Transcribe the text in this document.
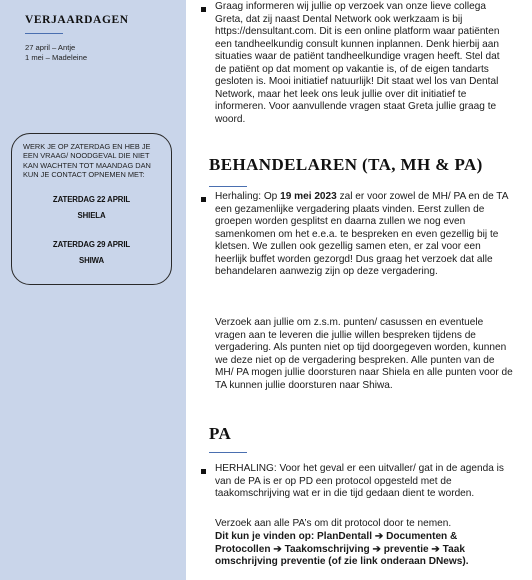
VERJAARDAGEN
27 april – Antje
1 mei – Madeleine
WERK JE OP ZATERDAG EN HEB JE EEN VRAAG/ NOODGEVAL DIE NIET KAN WACHTEN TOT MAANDAG DAN KUN JE CONTACT OPNEMEN MET:
ZATERDAG 22 APRIL
SHIELA
ZATERDAG 29 APRIL
SHIWA

Graag informeren wij jullie op verzoek van onze lieve collega Greta, dat zij naast Dental Network ook werkzaam is bij https://densultant.com. Dit is een online platform waar patiënten een tandheelkundig consult kunnen inplannen. Denk hierbij aan situaties waar de patiënt tandheelkundige vragen heeft. Stel dat de patiënt op dat moment op vakantie is, of de eigen tandarts gesloten is. Mooi initiatief natuurlijk! Dit staat wel los van Dental Network, maar het leek ons leuk jullie over dit initiatief te informeren. Voor aanvullende vragen staat Greta jullie graag te woord.

BEHANDELAREN (TA, MH & PA)

Herhaling: Op 19 mei 2023 zal er voor zowel de MH/ PA en de TA een gezamenlijke vergadering plaats vinden. Eerst zullen de groepen worden gesplitst en daarna zullen we nog even samenkomen om het e.e.a. te bespreken en even gezellig bij te kletsen. We zullen ook gezellig samen eten, er zal voor een heerlijk buffet worden gezorgd! Dus graag het verzoek dat alle behandelaren aanwezig zijn op deze vergadering.

Verzoek aan jullie om z.s.m. punten/ casussen en eventuele vragen aan te leveren die jullie willen bespreken tijdens de vergadering. Als punten niet op tijd doorgegeven worden, kunnen we deze niet op de vergadering bespreken. Alle punten van de MH/ PA mogen jullie doorsturen naar Shiela en alle punten voor de TA kunnen jullie doorsturen naar Shiwa.

PA

HERHALING: Voor het geval er een uitvaller/ gat in de agenda is van de PA is er op PD een protocol opgesteld met de taakomschrijving wat er in die tijd gedaan dient te worden.

Verzoek aan alle PA’s om dit protocol door te nemen.

Dit kun je vinden op: PlanDentall ➔ Documenten & Protocollen ➔ Taakomschrijving ➔ preventie ➔ Taak omschrijving preventie (of zie link onderaan DNews).
